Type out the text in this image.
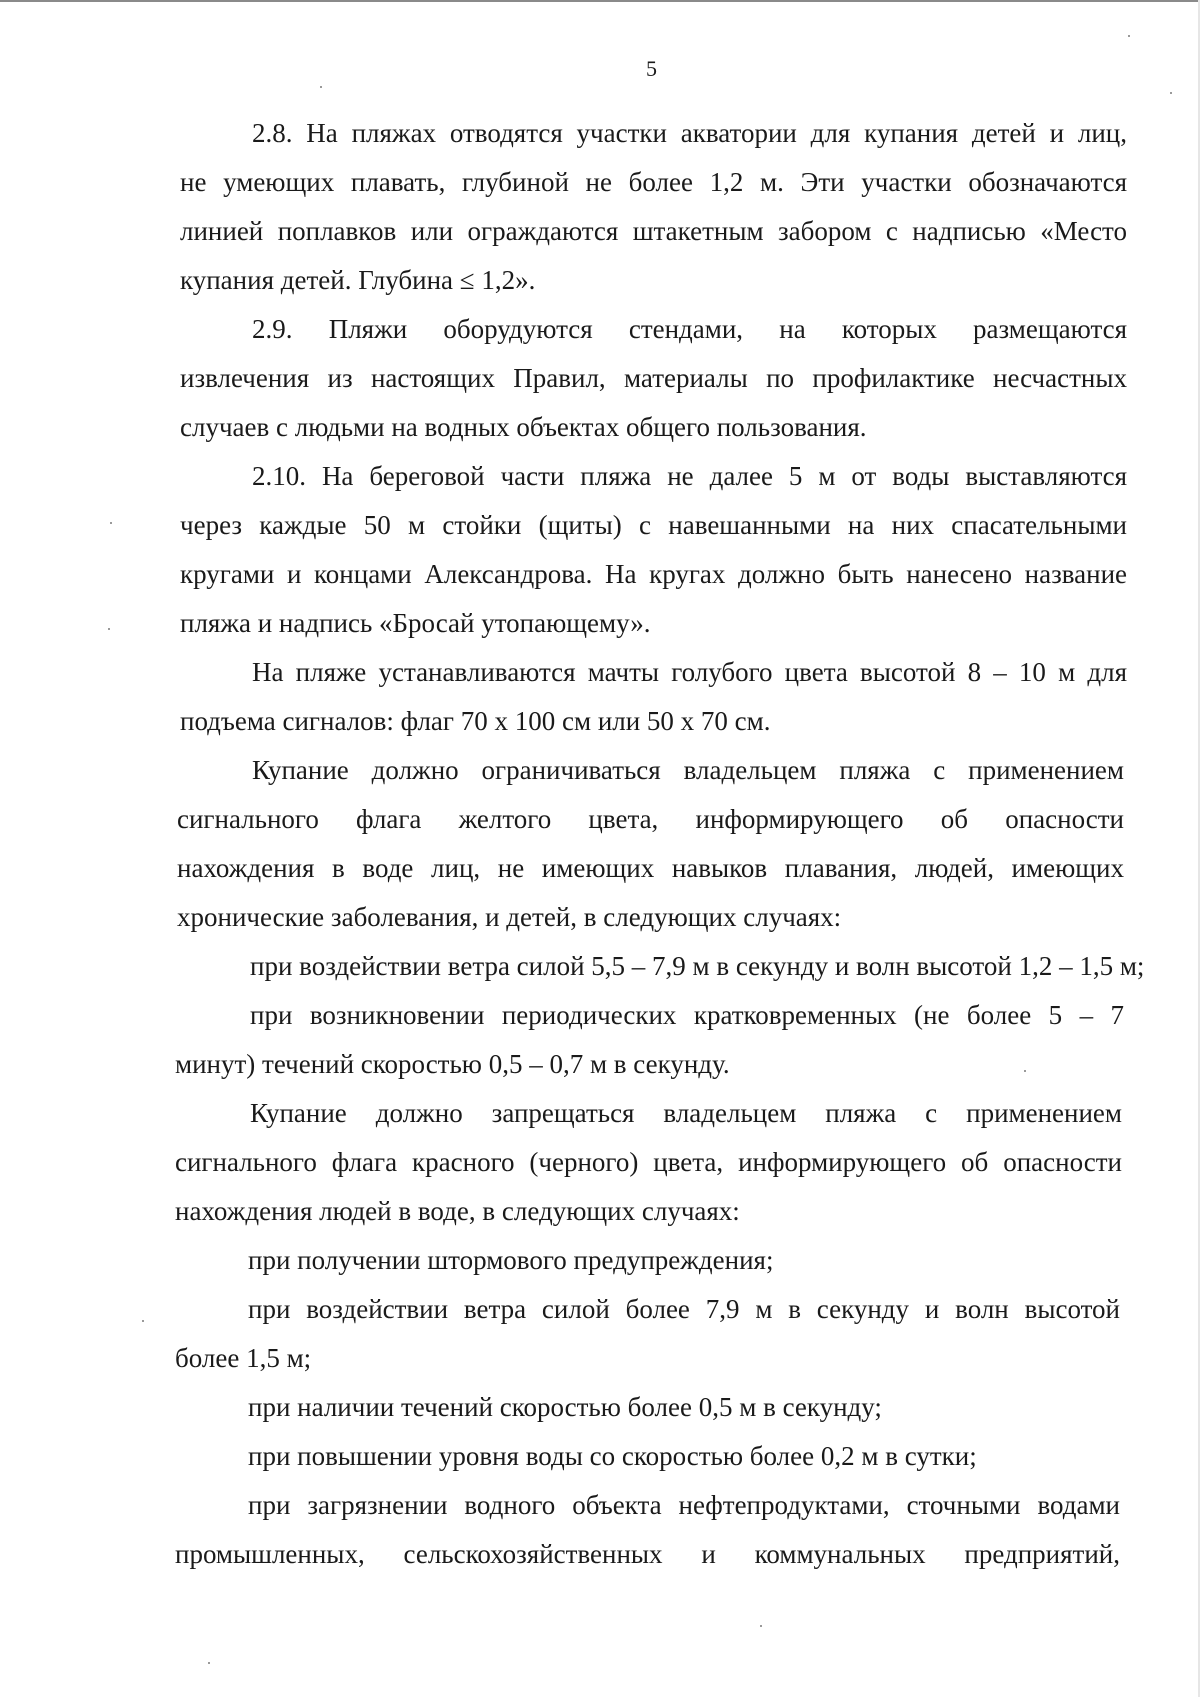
5
2.8. На пляжах отводятся участки акватории для купания детей и лиц,
не умеющих плавать, глубиной не более 1,2 м. Эти участки обозначаются
линией поплавков или ограждаются штакетным забором с надписью «Место
купания детей. Глубина ≤ 1,2».
2.9. Пляжи оборудуются стендами, на которых размещаются
извлечения из настоящих Правил, материалы по профилактике несчастных
случаев с людьми на водных объектах общего пользования.
2.10. На береговой части пляжа не далее 5 м от воды выставляются
через каждые 50 м стойки (щиты) с навешанными на них спасательными
кругами и концами Александрова. На кругах должно быть нанесено название
пляжа и надпись «Бросай утопающему».
На пляже устанавливаются мачты голубого цвета высотой 8 – 10 м для
подъема сигналов: флаг 70 х 100 см или 50 х 70 см.
Купание должно ограничиваться владельцем пляжа с применением
сигнального флага желтого цвета, информирующего об опасности
нахождения в воде лиц, не имеющих навыков плавания, людей, имеющих
хронические заболевания, и детей, в следующих случаях:
при воздействии ветра силой 5,5 – 7,9 м в секунду и волн высотой 1,2 – 1,5 м;
при возникновении периодических кратковременных (не более 5 – 7
минут) течений скоростью 0,5 – 0,7 м в секунду.
Купание должно запрещаться владельцем пляжа с применением
сигнального флага красного (черного) цвета, информирующего об опасности
нахождения людей в воде, в следующих случаях:
при получении штормового предупреждения;
при воздействии ветра силой более 7,9 м в секунду и волн высотой
более 1,5 м;
при наличии течений скоростью более 0,5 м в секунду;
при повышении уровня воды со скоростью более 0,2 м в сутки;
при загрязнении водного объекта нефтепродуктами, сточными водами
промышленных, сельскохозяйственных и коммунальных предприятий,
